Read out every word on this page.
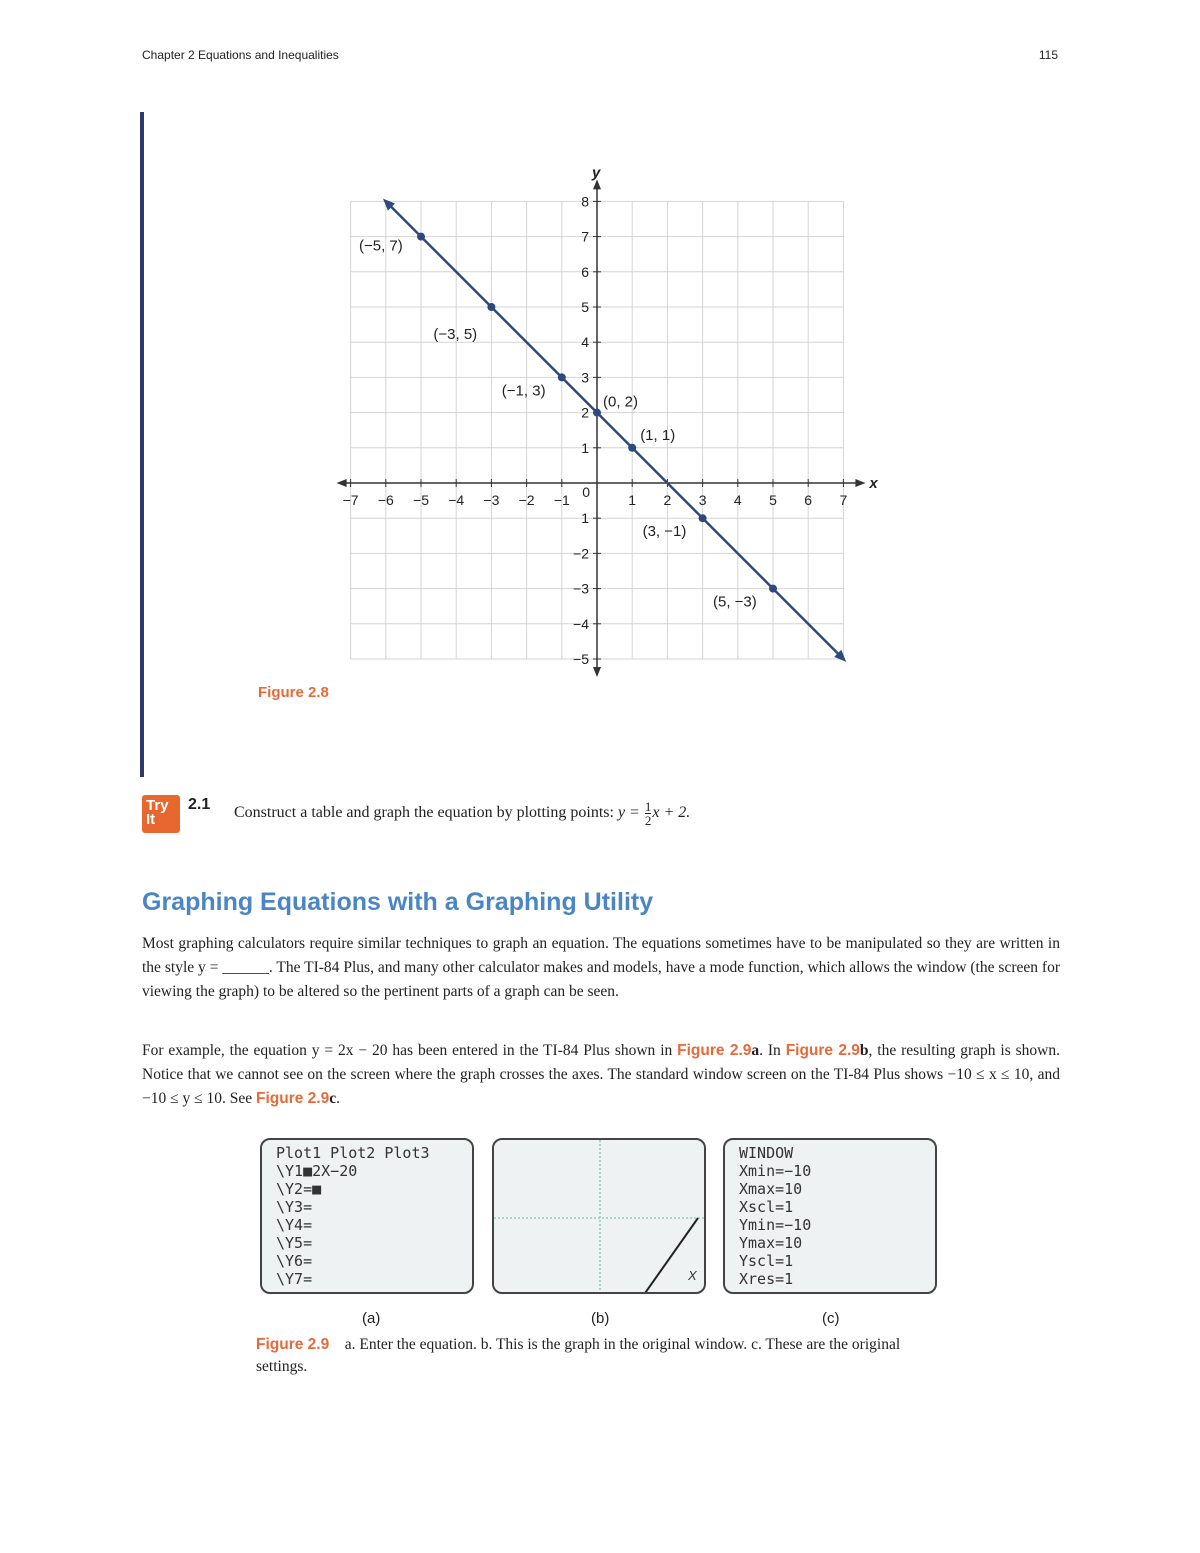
Chapter 2 Equations and Inequalities	115
x
y
−7 −6 −5 −4 −3 −2 −1	1 2 3 4 5 6 7
8
7
6
5
4
3
2
1
1
−2
−3
−4
−5
0
(−5, 7)
(−3, 5)
(−1, 3)
(0, 2)
(1, 1)
(3, −1)
(5, −3)
Figure 2.8
Try It
2.1 Construct a table and graph the equation by plotting points: $y = \frac{1}{2}$ x + 2.
Graphing Equations with a Graphing Utility

Most graphing calculators require similar techniques to graph an equation. The equations sometimes have to be manipulated so they are written in the style y = ______. The TI-84 Plus, and many other calculator makes and models, have a mode function, which allows the window (the screen for viewing the graph) to be altered so the pertinent parts of a graph can be seen.

For example, the equation y = 2x − 20 has been entered in the TI-84 Plus shown in Figure 2.9a. In Figure 2.9b, the resulting graph is shown. Notice that we cannot see on the screen where the graph crosses the axes. The standard window screen on the TI-84 Plus shows −10 ≤ x ≤ 10, and −10 ≤ y ≤ 10. See Figure 2.9c.

Plot1 Plot2 Plot3
\Y1■2X−20
\Y2=■
\Y3=
\Y4=
\Y5=
\Y6=
\Y7=	X
WINDOW
Xmin=−10
Xmax=10
Xscl=1
Ymin=−10
Ymax=10
Yscl=1
Xres=1
(a)	(b)	(c)
Figure 2.9 a. Enter the equation. b. This is the graph in the original window. c. These are the original settings.
